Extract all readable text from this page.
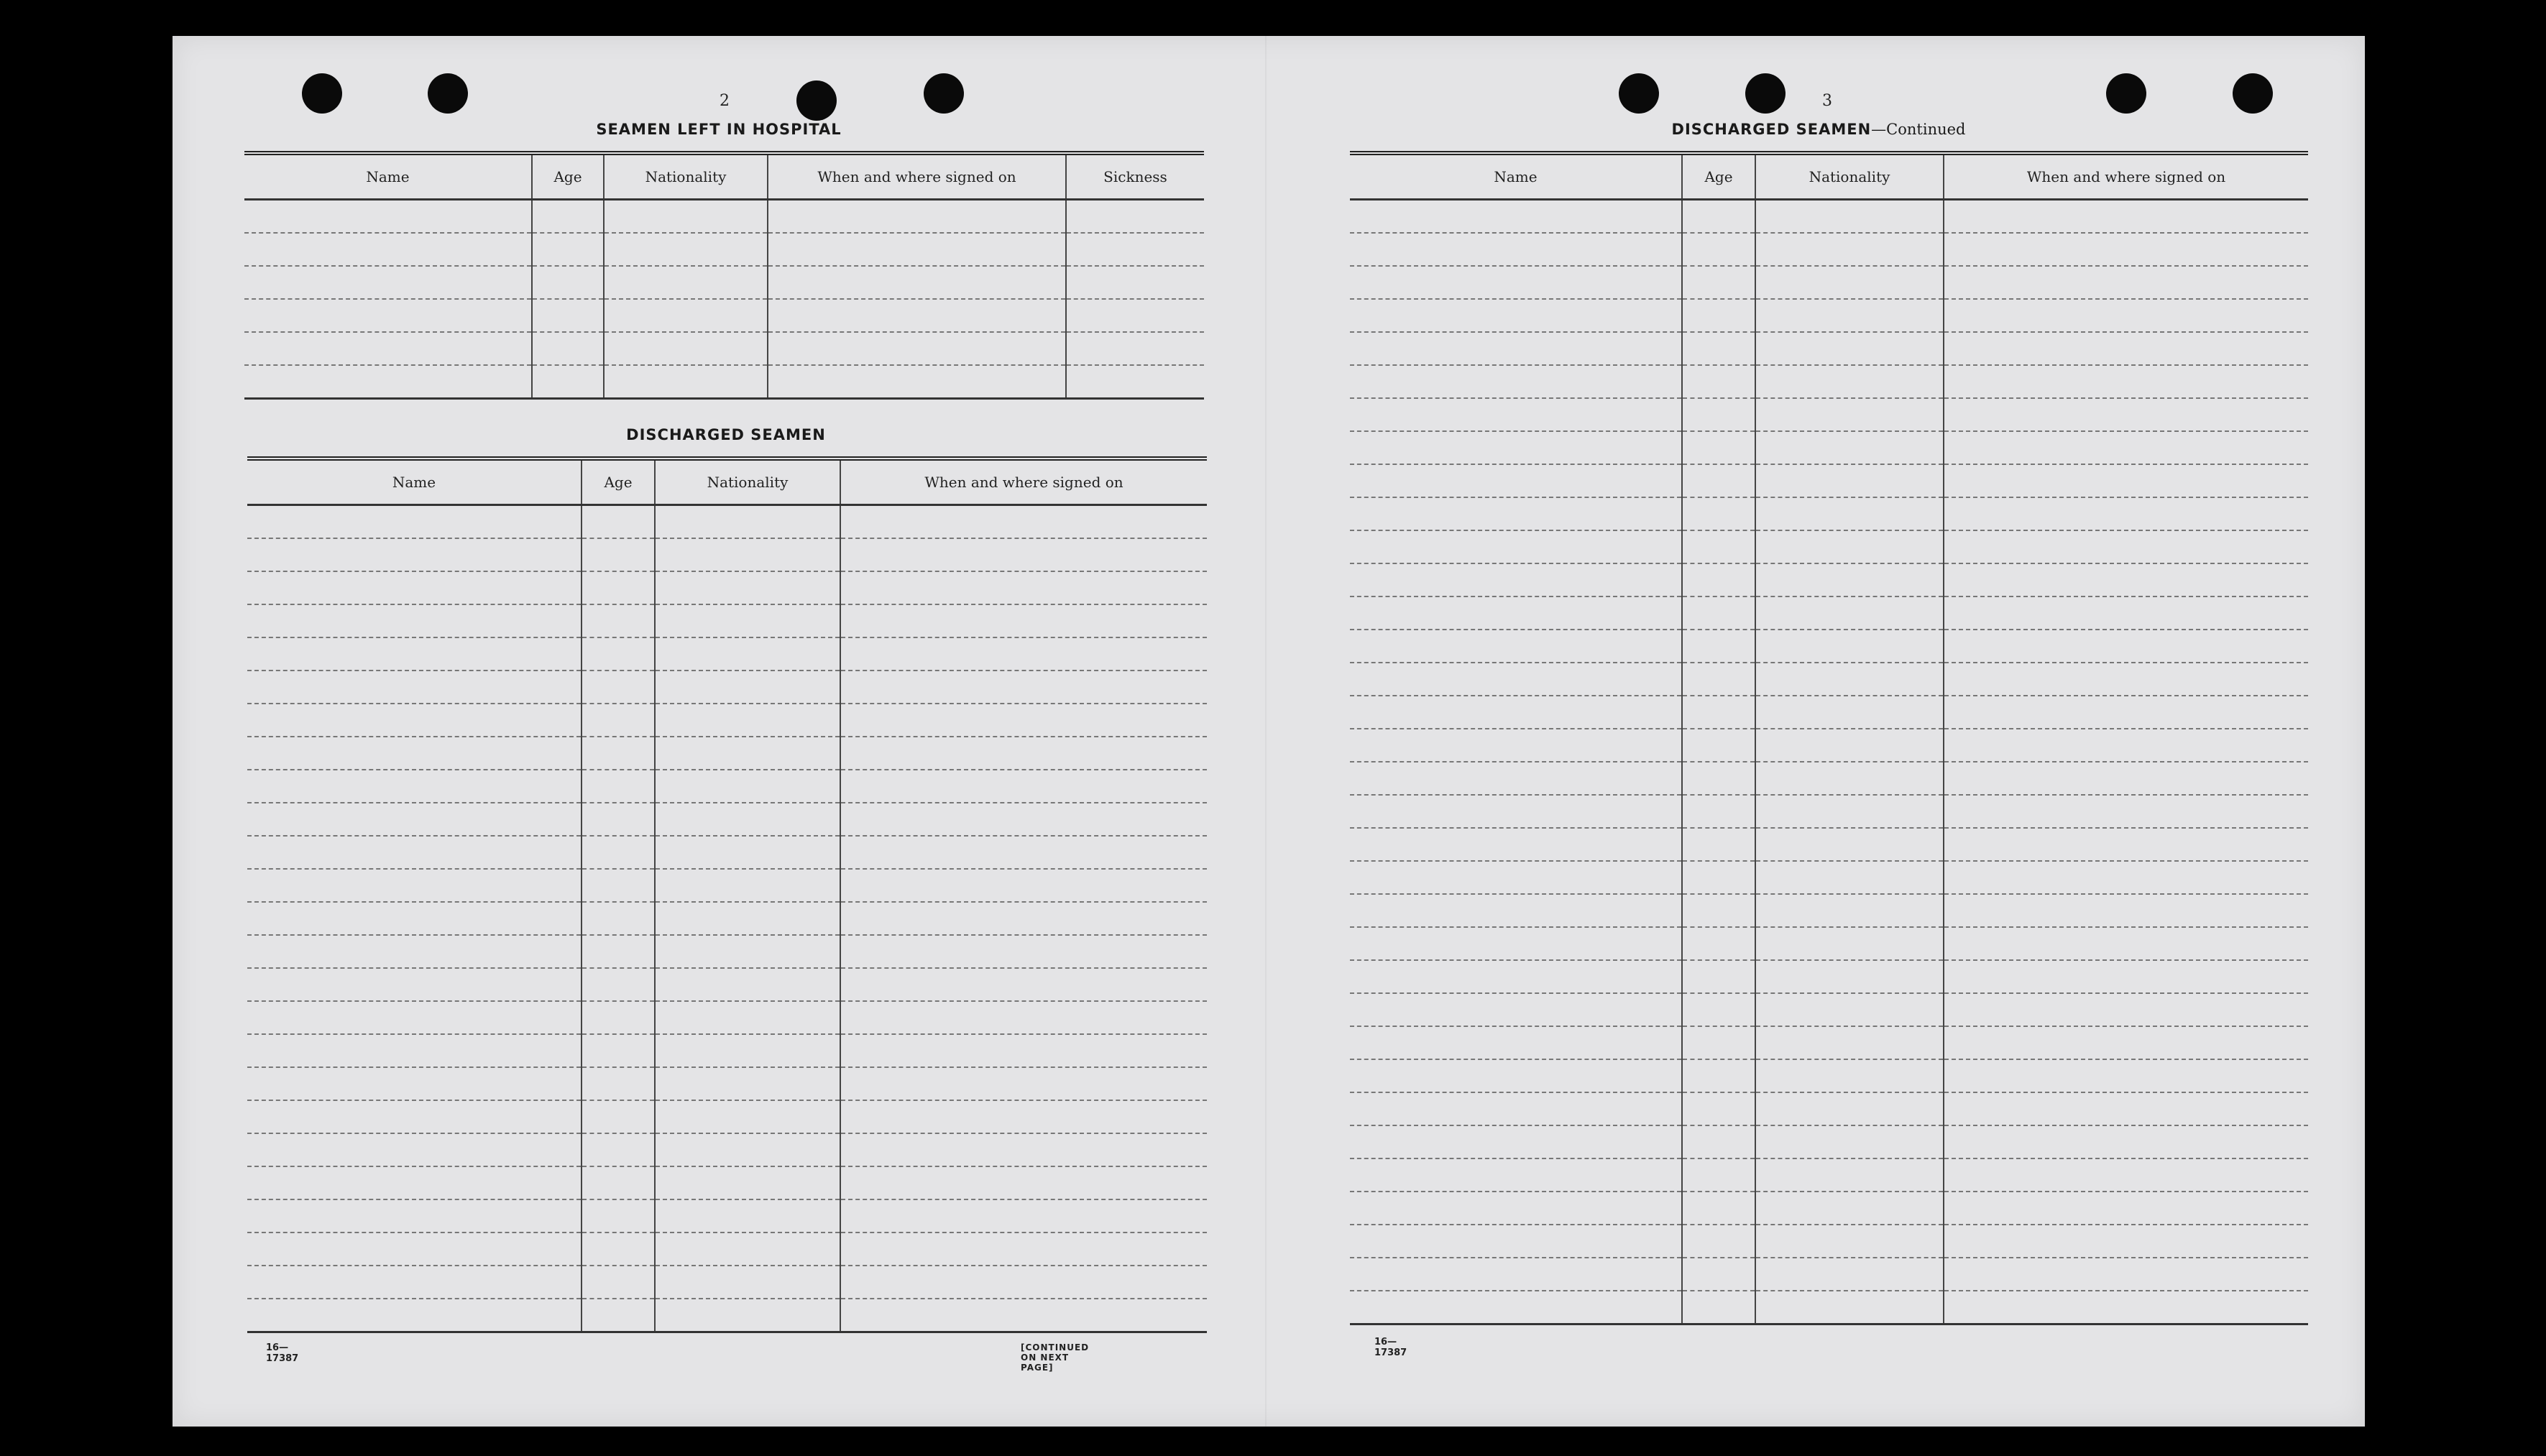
2
SEAMEN LEFT IN HOSPITAL
Name	Age	Nationality	When and where signed on	Sickness

DISCHARGED SEAMEN
Name	Age	Nationality	When and where signed on

16—17387
[CONTINUED ON NEXT PAGE]
3
DISCHARGED SEAMEN—Continued
Name	Age	Nationality	When and where signed on

16—17387
